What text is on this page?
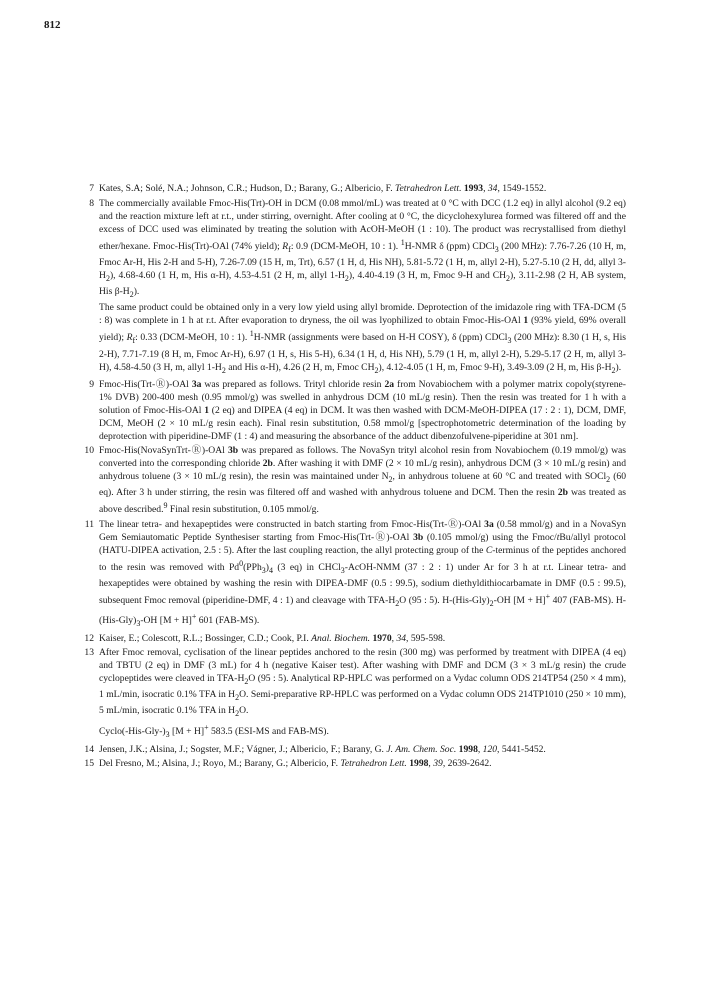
812
7 Kates, S.A; Solé, N.A.; Johnson, C.R.; Hudson, D.; Barany, G.; Albericio, F. Tetrahedron Lett. 1993, 34, 1549-1552.

8 The commercially available Fmoc-His(Trt)-OH in DCM (0.08 mmol/mL) was treated at 0 °C with DCC (1.2 eq) in allyl alcohol (9.2 eq) and the reaction mixture left at r.t., under stirring, overnight. After cooling at 0 °C, the dicyclohexylurea formed was filtered off and the excess of DCC used was eliminated by treating the solution with AcOH-MeOH (1 : 10). The product was recrystallised from diethyl ether/hexane. Fmoc-His(Trt)-OAl (74% yield); $R_f$: 0.9 (DCM-MeOH, 10 : 1). $^1$H-NMR δ (ppm) CDCl$_3$ (200 MHz): 7.76-7.26 (10 H, m, Fmoc Ar-H, His 2-H and 5-H), 7.26-7.09 (15 H, m, Trt), 6.57 (1 H, d, His NH), 5.81-5.72 (1 H, m, allyl 2-H), 5.27-5.10 (2 H, dd, allyl $3-H_2$), 4.68-4.60 (1 H, m, His α-H), 4.53-4.51 (2 H, m, allyl $1-H_2$), 4.40-4.19 (3 H, m, Fmoc 9-H and $CH_2$), 3.11-2.98 (2 H, AB system, His $\beta-H_2$).

The same product could be obtained only in a very low yield using allyl bromide. Deprotection of the imidazole ring with TFA-DCM (5 : 8) was complete in 1 h at r.t. After evaporation to dryness, the oil was lyophilized to obtain Fmoc-His-OAl 1 (93% yield, 69% overall yield); $R_f$: 0.33 (DCM-MeOH, 10 : 1). $^1$H-NMR (assignments were based on H-H COSY), δ (ppm) CDCl$_3$ (200 MHz): 8.30 (1 H, s, His 2-H), 7.71-7.19 (8 H, m, Fmoc Ar-H), 6.97 (1 H, s, His 5-H), 6.34 (1 H, d, His NH), 5.79 (1 H, m, allyl 2-H), 5.29-5.17 (2 H, m, allyl 3-H), 4.58-4.50 (3 H, m, allyl $1-H_2$ and His α-H), 4.26 (2 H, m, Fmoc $CH_2$), 4.12-4.05 (1 H, m, Fmoc 9-H), 3.49-3.09 (2 H, m, His $\beta-H_2$).

9 Fmoc-His(Trt-Ⓡ)-OAl 3a was prepared as follows. Trityl chloride resin 2a from Novabiochem with a polymer matrix copoly(styrene-1% DVB) 200-400 mesh (0.95 mmol/g) was swelled in anhydrous DCM (10 mL/g resin). Then the resin was treated for 1 h with a solution of Fmoc-His-OAl 1 (2 eq) and DIPEA (4 eq) in DCM. It was then washed with DCM-MeOH-DIPEA (17 : 2 : 1), DCM, DMF, DCM, MeOH (2 × 10 mL/g resin each). Final resin substitution, 0.58 mmol/g [spectrophotometric determination of the loading by deprotection with piperidine-DMF (1 : 4) and measuring the absorbance of the adduct dibenzofulvene-piperidine at 301 nm].

10 Fmoc-His(NovaSynTrt-Ⓡ)-OAl 3b was prepared as follows. The NovaSyn trityl alcohol resin from Novabiochem (0.19 mmol/g) was converted into the corresponding chloride 2b. After washing it with DMF (2 × 10 mL/g resin), anhydrous DCM (3 × 10 mL/g resin) and anhydrous toluene (3 × 10 mL/g resin), the resin was maintained under $N_2$, in anhydrous toluene at 60 °C and treated with SOCl$_2$ (60 eq). After 3 h under stirring, the resin was filtered off and washed with anhydrous toluene and DCM. Then the resin 2b was treated as above described.$^9$ Final resin substitution, 0.105 mmol/g.

11 The linear tetra- and hexapeptides were constructed in batch starting from Fmoc-His(Trt-Ⓡ)-OAl 3a (0.58 mmol/g) and in a NovaSyn Gem Semiautomatic Peptide Synthesiser starting from Fmoc-His(Trt-Ⓡ)-OAl 3b (0.105 mmol/g) using the Fmoc/tBu/allyl protocol (HATU-DIPEA activation, 2.5 : 5). After the last coupling reaction, the allyl protecting group of the C-terminus of the peptides anchored to the resin was removed with $Pd^0(PPh_3)_4$ (3 eq) in CHCl$_3$-AcOH-NMM (37 : 2 : 1) under Ar for 3 h at r.t. Linear tetra- and hexapeptides were obtained by washing the resin with DIPEA-DMF (0.5 : 99.5), sodium diethyldithiocarbamate in DMF (0.5 : 99.5), subsequent Fmoc removal (piperidine-DMF, 4 : 1) and cleavage with TFA-$H_2O$ (95 : 5). $H-(His-Gly)_2-OH$ [M + H]+ 407 (FAB-MS). $H-(His-Gly)_3-OH$ [M + H]+ 601 (FAB-MS).

12 Kaiser, E.; Colescott, R.L.; Bossinger, C.D.; Cook, P.I. Anal. Biochem. 1970, 34, 595-598.

13 After Fmoc removal, cyclisation of the linear peptides anchored to the resin (300 mg) was performed by treatment with DIPEA (4 eq) and TBTU (2 eq) in DMF (3 mL) for 4 h (negative Kaiser test). After washing with DMF and DCM (3 × 3 mL/g resin) the crude cyclopeptides were cleaved in TFA-$H_2O$ (95 : 5). Analytical RP-HPLC was performed on a Vydac column ODS 214TP54 (250 × 4 mm), 1 mL/min, isocratic 0.1% TFA in $H_2O$. Semi-preparative RP-HPLC was performed on a Vydac column ODS 214TP1010 (250 × 10 mm), 5 mL/min, isocratic 0.1% TFA in $H_2O$.

$Cyclo(-His-Gly-)_3$ [M + H]+ 583.5 (ESI-MS and FAB-MS).

14 Jensen, J.K.; Alsina, J.; Sogster, M.F.; Vágner, J.; Albericio, F.; Barany, G. J. Am. Chem. Soc. 1998, 120, 5441-5452.

15 Del Fresno, M.; Alsina, J.; Royo, M.; Barany, G.; Albericio, F. Tetrahedron Lett. 1998, 39, 2639-2642.
